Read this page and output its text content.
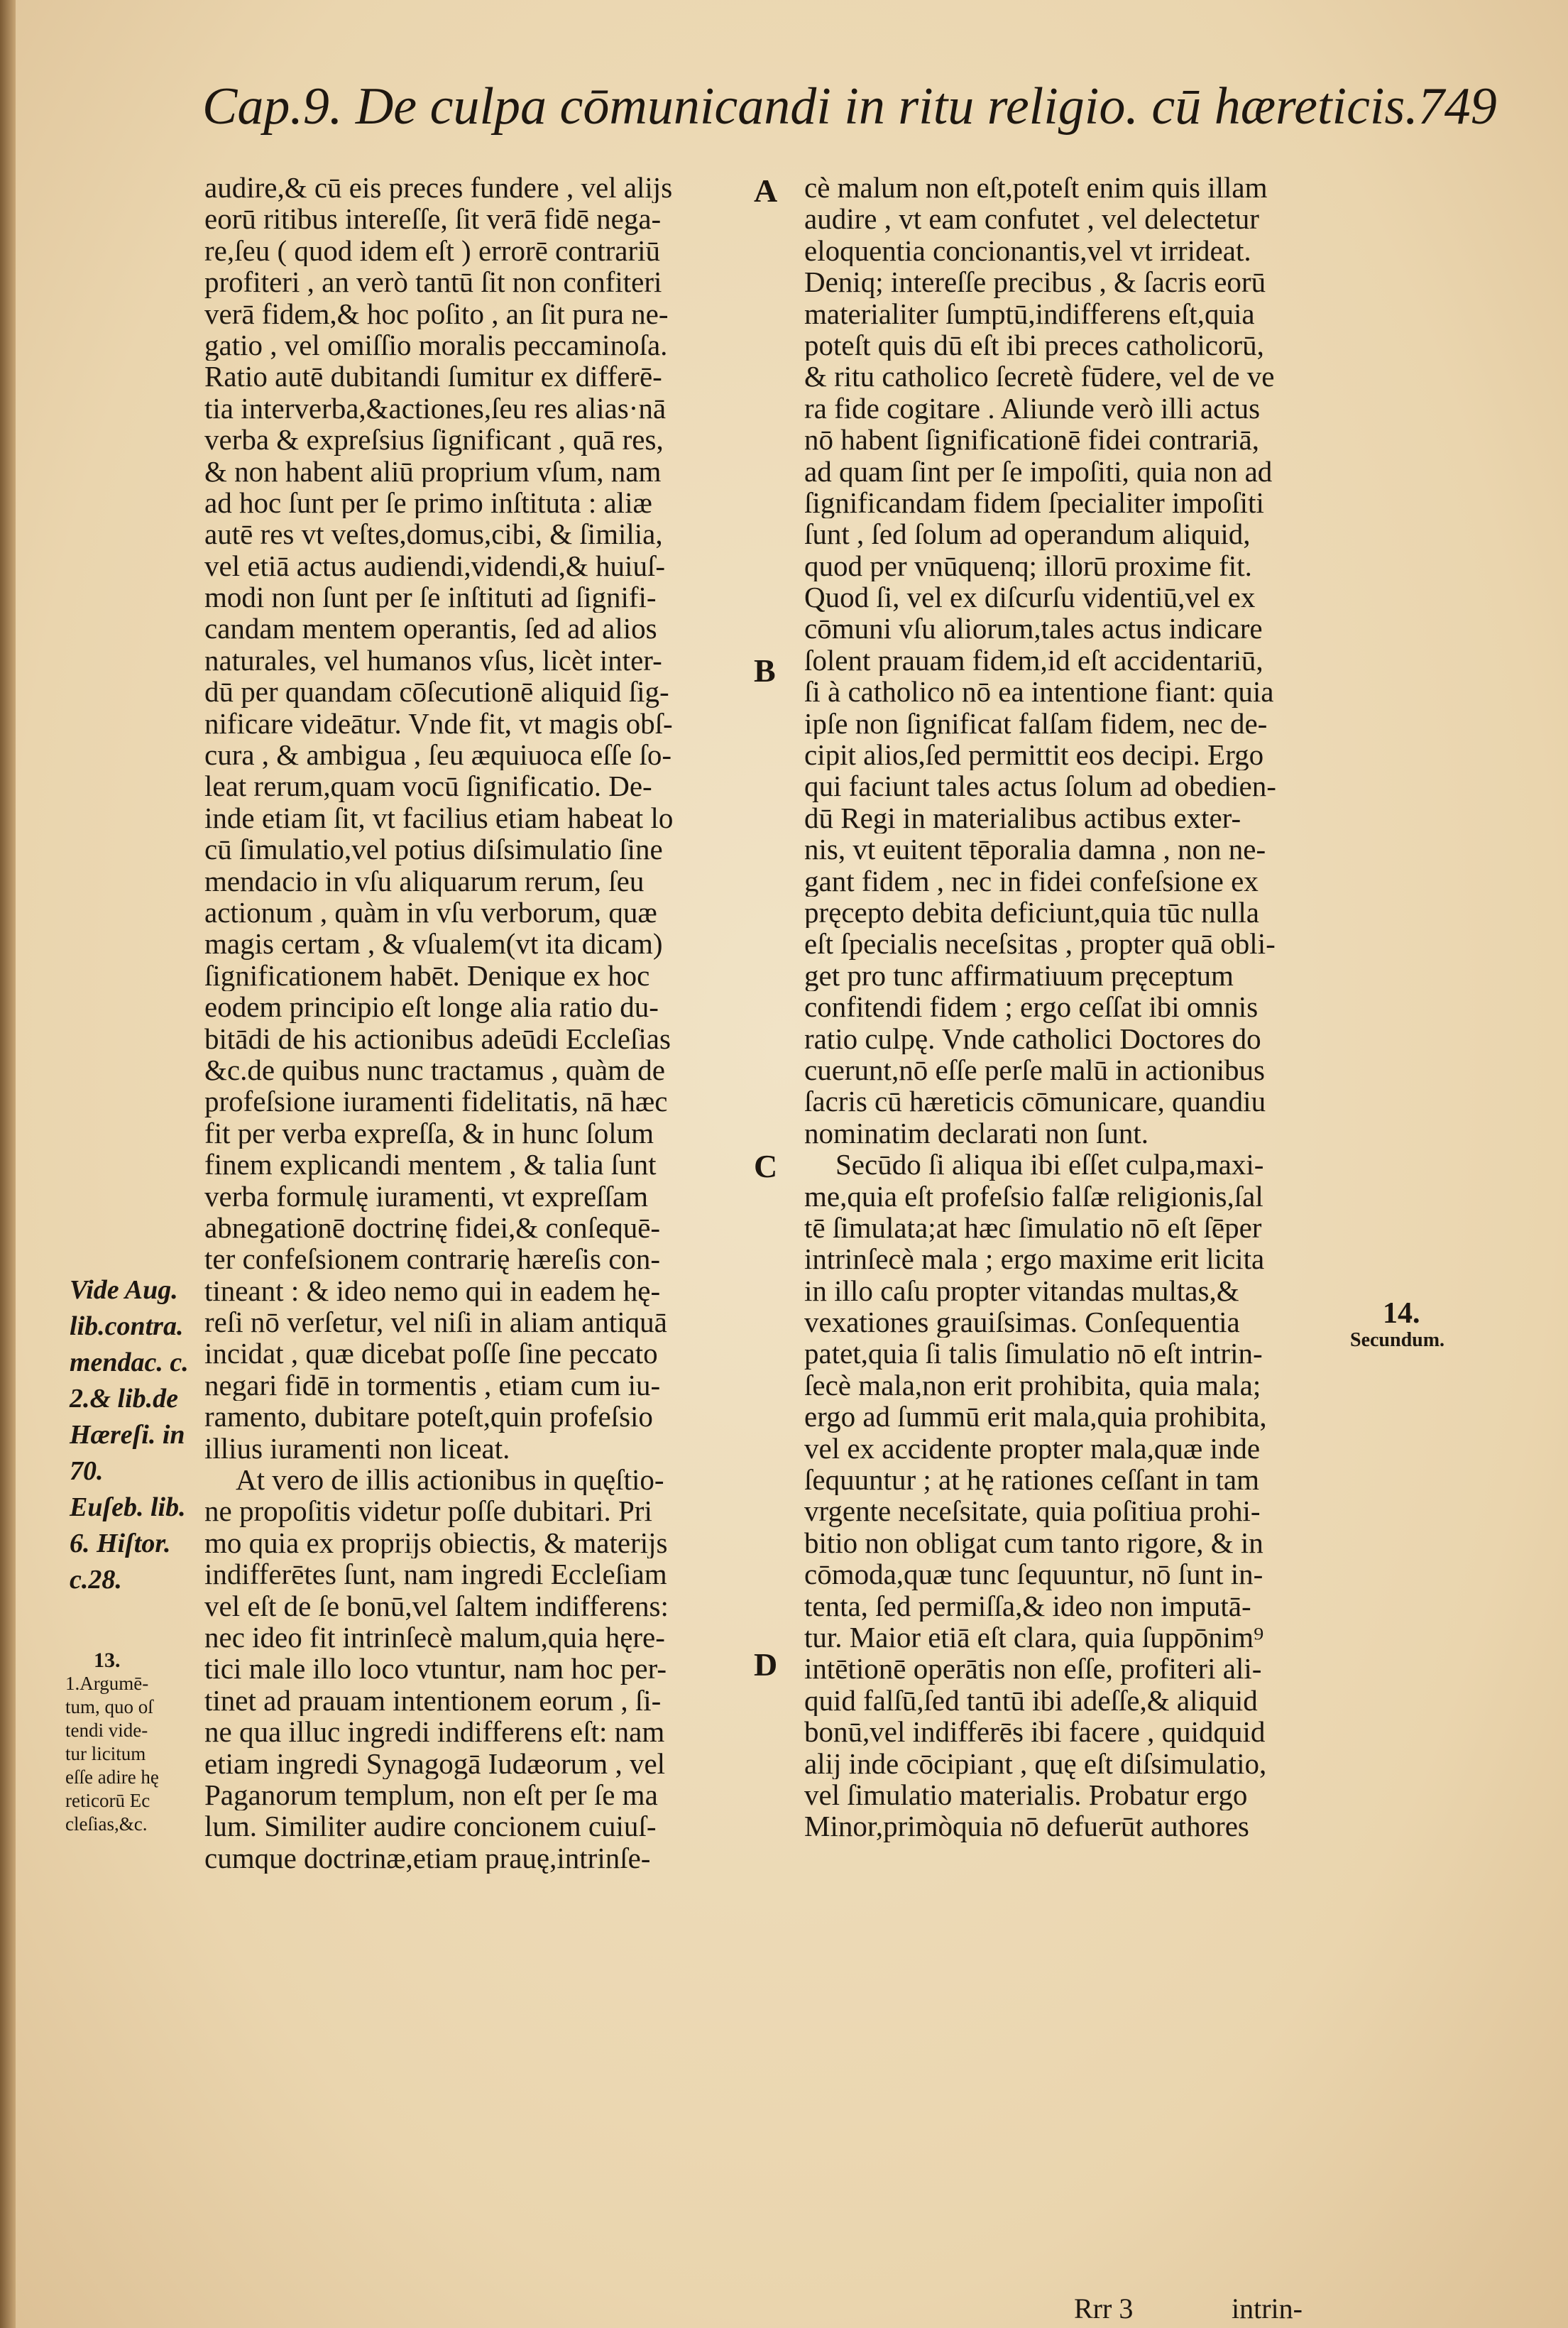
Cap.9. De culpa cōmunicandi in ritu religio. cū hæreticis.749
audire,& cū eis preces fundere , vel alijs
eorū ritibus intereſſe, ſit verā fidē nega-
re,ſeu ( quod idem eſt ) errorē contrariū
profiteri , an verò tantū ſit non confiteri
verā fidem,& hoc poſito , an ſit pura ne-
gatio , vel omiſſio moralis peccaminoſa.
Ratio autē dubitandi ſumitur ex differē-
tia interverba,&actiones,ſeu res alias·nā
verba & expreſsius ſignificant , quā res,
& non habent aliū proprium vſum, nam
ad hoc ſunt per ſe primo inſtituta : aliæ
autē res vt veſtes,domus,cibi, & ſimilia,
vel etiā actus audiendi,videndi,& huiuſ-
modi non ſunt per ſe inſtituti ad ſignifi-
candam mentem operantis, ſed ad alios
naturales, vel humanos vſus, licèt inter-
dū per quandam cōſecutionē aliquid ſig-
nificare videātur. Vnde fit, vt magis obſ-
cura , & ambigua , ſeu æquiuoca eſſe ſo-
leat rerum,quam vocū ſignificatio. De-
inde etiam ſit, vt facilius etiam habeat lo
cū ſimulatio,vel potius diſsimulatio ſine
mendacio in vſu aliquarum rerum, ſeu
actionum , quàm in vſu verborum, quæ
magis certam , & vſualem(vt ita dicam)
ſignificationem habēt. Denique ex hoc
eodem principio eſt longe alia ratio du-
bitādi de his actionibus adeūdi Eccleſias
&c.de quibus nunc tractamus , quàm de
profeſsione iuramenti fidelitatis, nā hæc
fit per verba expreſſa, & in hunc ſolum
finem explicandi mentem , & talia ſunt
verba formulę iuramenti, vt expreſſam
abnegationē doctrinę fidei,& conſequē-
ter confeſsionem contrarię hæreſis con-
tineant : & ideo nemo qui in eadem hę-
reſi nō verſetur, vel niſi in aliam antiquā
incidat , quæ dicebat poſſe ſine peccato
negari fidē in tormentis , etiam cum iu-
ramento, dubitare poteſt,quin profeſsio
illius iuramenti non liceat.
At vero de illis actionibus in quęſtio-
ne propoſitis videtur poſſe dubitari. Pri
mo quia ex proprijs obiectis, & materijs
indifferētes ſunt, nam ingredi Eccleſiam
vel eſt de ſe bonū,vel ſaltem indifferens:
nec ideo fit intrinſecè malum,quia hęre-
tici male illo loco vtuntur, nam hoc per-
tinet ad prauam intentionem eorum , ſi-
ne qua illuc ingredi indifferens eſt: nam
etiam ingredi Synagogā Iudæorum , vel
Paganorum templum, non eſt per ſe ma
lum. Similiter audire concionem cuiuſ-
cumque doctrinæ,etiam prauę,intrinſe-
cè malum non eſt,poteſt enim quis illam
audire , vt eam confutet , vel delectetur
eloquentia concionantis,vel vt irrideat.
Deniq; intereſſe precibus , & ſacris eorū
materialiter ſumptū,indifferens eſt,quia
poteſt quis dū eſt ibi preces catholicorū,
& ritu catholico ſecretè fūdere, vel de ve
ra fide cogitare . Aliunde verò illi actus
nō habent ſignificationē fidei contrariā,
ad quam ſint per ſe impoſiti, quia non ad
ſignificandam fidem ſpecialiter impoſiti
ſunt , ſed ſolum ad operandum aliquid,
quod per vnūquenq; illorū proxime fit.
Quod ſi, vel ex diſcurſu videntiū,vel ex
cōmuni vſu aliorum,tales actus indicare
ſolent prauam fidem,id eſt accidentariū,
ſi à catholico nō ea intentione fiant: quia
ipſe non ſignificat falſam fidem, nec de-
cipit alios,ſed permittit eos decipi. Ergo
qui faciunt tales actus ſolum ad obedien-
dū Regi in materialibus actibus exter-
nis, vt euitent tēporalia damna , non ne-
gant fidem , nec in fidei confeſsione ex
pręcepto debita deficiunt,quia tūc nulla
eſt ſpecialis neceſsitas , propter quā obli-
get pro tunc affirmatiuum pręceptum
confitendi fidem ; ergo ceſſat ibi omnis
ratio culpę. Vnde catholici Doctores do
cuerunt,nō eſſe perſe malū in actionibus
ſacris cū hæreticis cōmunicare, quandiu
nominatim declarati non ſunt.
Secūdo ſi aliqua ibi eſſet culpa,maxi-
me,quia eſt profeſsio falſæ religionis,ſal
tē ſimulata;at hæc ſimulatio nō eſt ſēper
intrinſecè mala ; ergo maxime erit licita
in illo caſu propter vitandas multas,&
vexationes grauiſsimas. Conſequentia
patet,quia ſi talis ſimulatio nō eſt intrin-
ſecè mala,non erit prohibita, quia mala;
ergo ad ſummū erit mala,quia prohibita,
vel ex accidente propter mala,quæ inde
ſequuntur ; at hę rationes ceſſant in tam
vrgente neceſsitate, quia poſitiua prohi-
bitio non obligat cum tanto rigore, & in
cōmoda,quæ tunc ſequuntur, nō ſunt in-
tenta, ſed permiſſa,& ideo non imputā-
tur. Maior etiā eſt clara, quia ſuppōnim⁹
intētionē operātis non eſſe, profiteri ali-
quid falſū,ſed tantū ibi adeſſe,& aliquid
bonū,vel indifferēs ibi facere , quidquid
alij inde cōcipiant , quę eſt diſsimulatio,
vel ſimulatio materialis. Probatur ergo
Minor,primòquia nō defuerūt authores
A
B
C
D
Vide Aug.
lib.contra.
mendac. c.
2.& lib.de
Hæreſi. in
70.
Euſeb. lib.
6. Hiſtor.
c.28.
13.
1.Argumē-
tum, quo oſ
tendi vide-
tur licitum
eſſe adire hę
reticorū Ec
cleſias,&c.
14.
Secundum.
Rrr 3	intrin-
